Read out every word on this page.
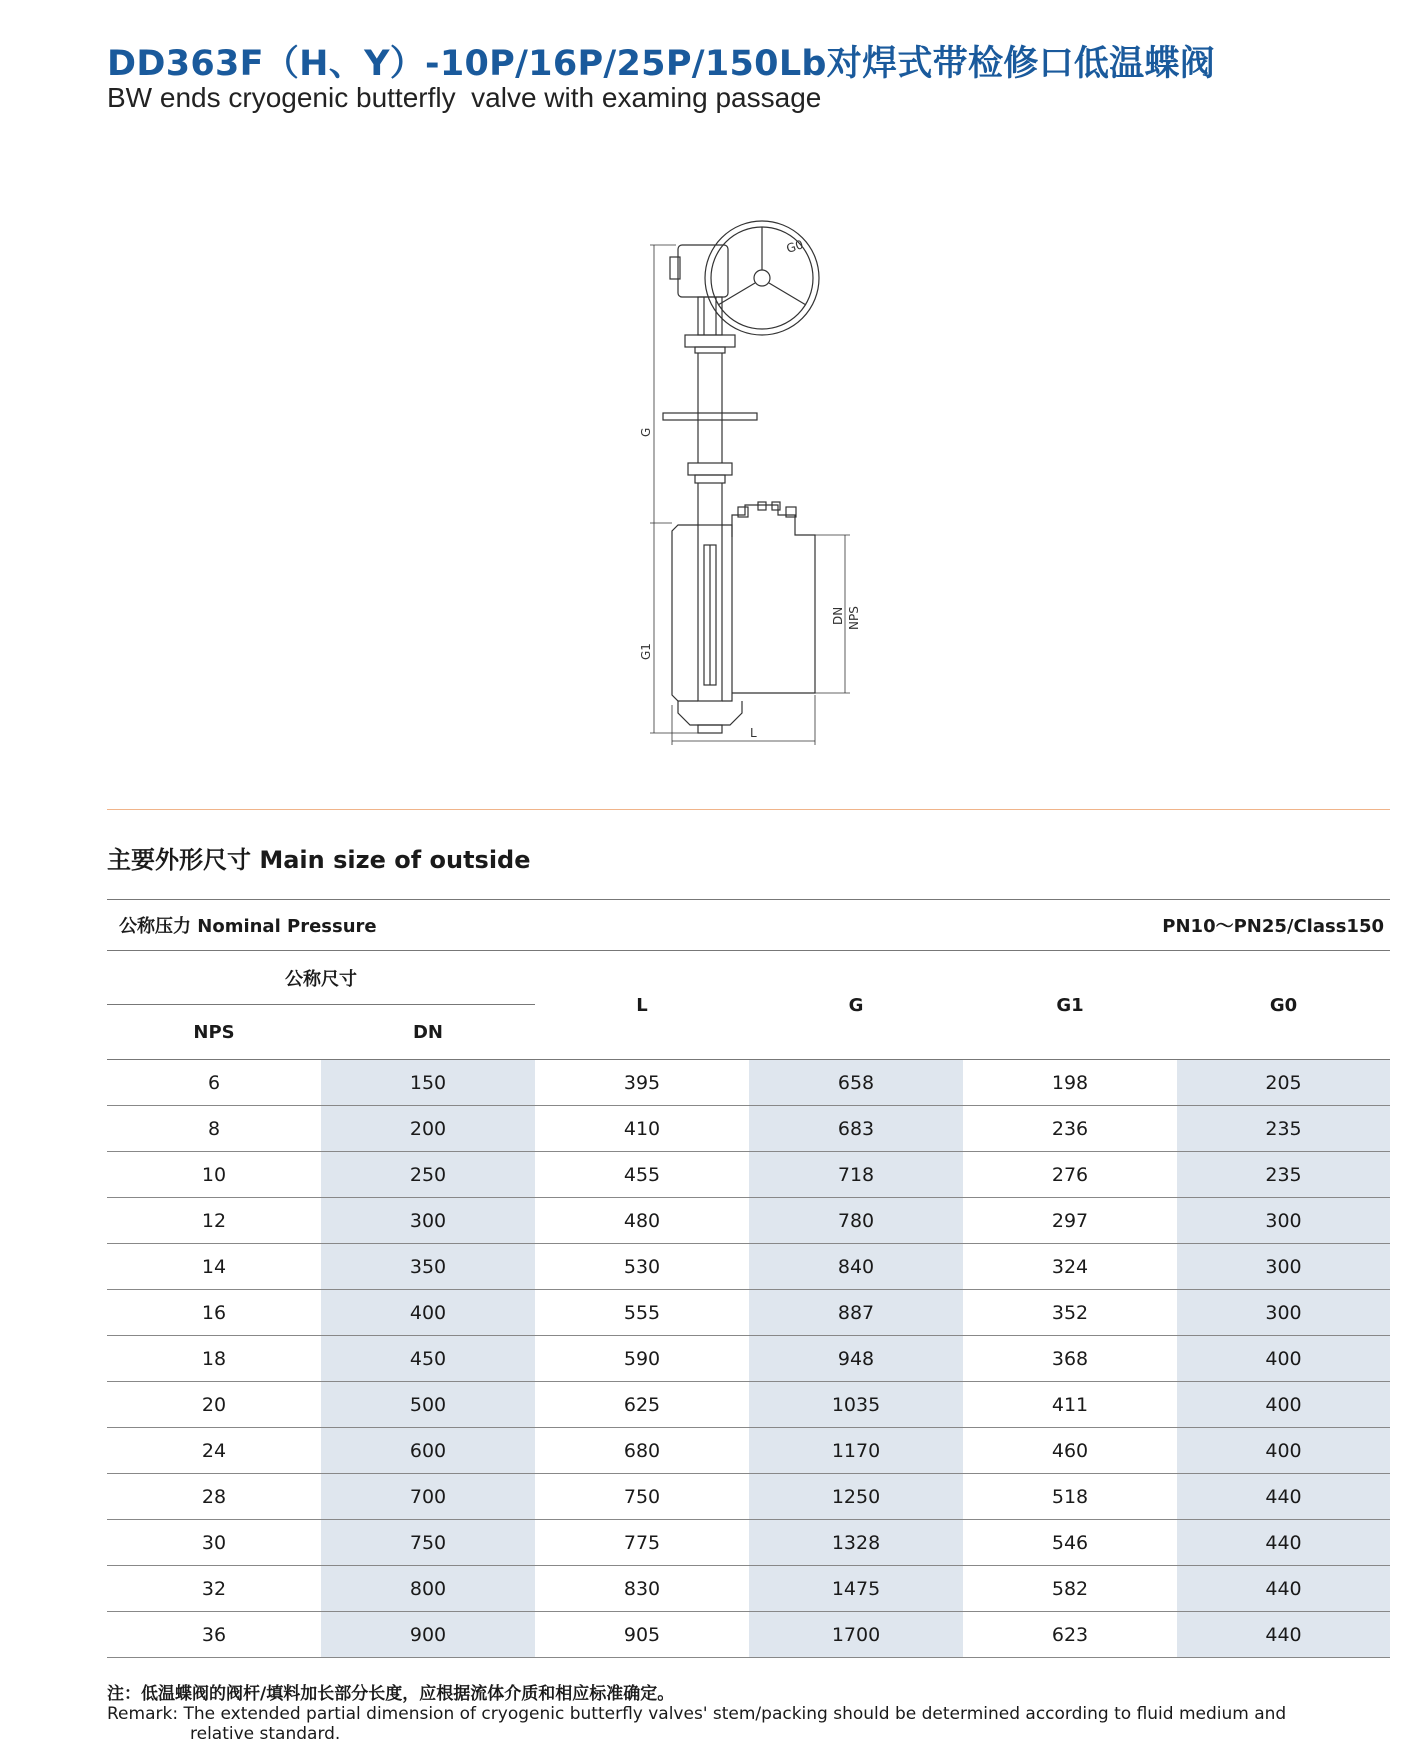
DD363F（H、Y）-10P/16P/25P/150Lb对焊式带检修口低温蝶阀
BW ends cryogenic butterfly  valve with examing passage
G0
G
G1
DN NPS
L
主要外形尺寸 Main size of outside
公称压力 Nominal Pressure			PN10～PN25/Class150		
公称尺寸		L	G	G1	G0
NPS	DN				
6	150	395	658	198	205
8	200	410	683	236	235
10	250	455	718	276	235
12	300	480	780	297	300
14	350	530	840	324	300
16	400	555	887	352	300
18	450	590	948	368	400
20	500	625	1035	411	400
24	600	680	1170	460	400
28	700	750	1250	518	440
30	750	775	1328	546	440
32	800	830	1475	582	440
36	900	905	1700	623	440
注：低温蝶阀的阀杆/填料加长部分长度，应根据流体介质和相应标准确定。
Remark: The extended partial dimension of cryogenic butterfly valves' stem/packing should be determined according to fluid medium and
relative standard.
